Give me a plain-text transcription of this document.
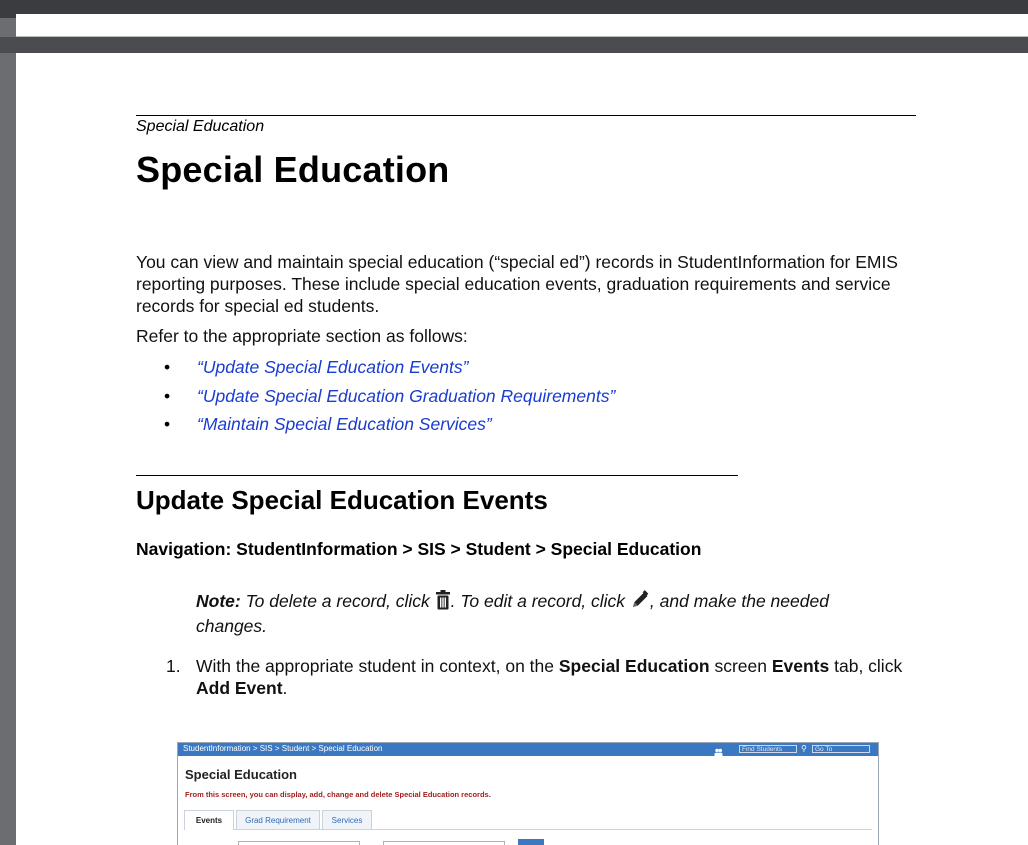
Special Education
Special Education
You can view and maintain special education (“special ed”) records in StudentInformation for EMIS reporting purposes. These include special education events, graduation requirements and service records for special ed students.
Refer to the appropriate section as follows:
• “Update Special Education Events”
• “Update Special Education Graduation Requirements”
• “Maintain Special Education Services”
Update Special Education Events
Navigation: StudentInformation > SIS > Student > Special Education
Note: To delete a record, click . To edit a record, click , and make the needed changes.
1. With the appropriate student in context, on the Special Education screen Events tab, click Add Event.
StudentInformation > SIS > Student > Special Education	Find Students	⚲	Go To
Special Education
From this screen, you can display, add, change and delete Special Education records.
Events	Grad Requirement	Services
